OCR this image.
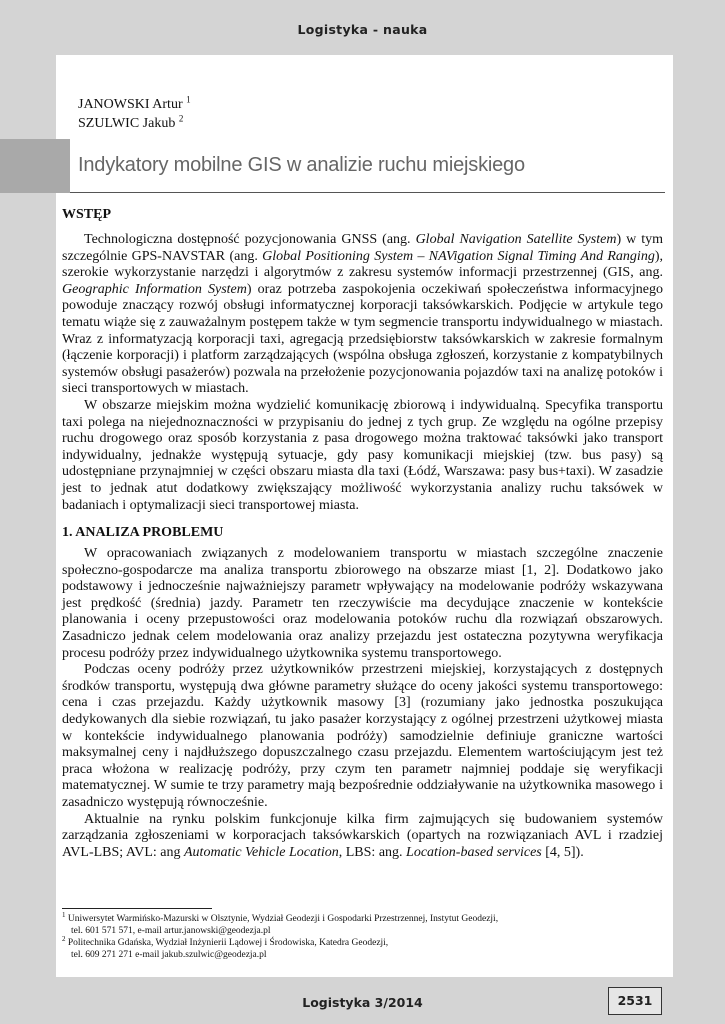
Logistyka - nauka
JANOWSKI Artur $^1$
SZULWIC Jakub $^2$
Indykatory mobilne GIS w analizie ruchu miejskiego
WSTĘP

Technologiczna dostępność pozycjonowania GNSS (ang. Global Navigation Satellite System) w tym szczególnie GPS-NAVSTAR (ang. Global Positioning System – NAVigation Signal Timing And Ranging), szerokie wykorzystanie narzędzi i algorytmów z zakresu systemów informacji przestrzennej (GIS, ang. Geographic Information System) oraz potrzeba zaspokojenia oczekiwań społeczeństwa informacyjnego powoduje znaczący rozwój obsługi informatycznej korporacji taksówkarskich. Podjęcie w artykule tego tematu wiąże się z zauważalnym postępem także w tym segmencie transportu indywidualnego w miastach. Wraz z informatyzacją korporacji taxi, agregacją przedsiębiorstw taksówkarskich w zakresie formalnym (łączenie korporacji) i platform zarządzających (wspólna obsługa zgłoszeń, korzystanie z kompatybilnych systemów obsługi pasażerów) pozwala na przełożenie pozycjonowania pojazdów taxi na analizę potoków i sieci transportowych w miastach.

W obszarze miejskim można wydzielić komunikację zbiorową i indywidualną. Specyfika transportu taxi polega na niejednoznaczności w przypisaniu do jednej z tych grup. Ze względu na ogólne przepisy ruchu drogowego oraz sposób korzystania z pasa drogowego można traktować taksówki jako transport indywidualny, jednakże występują sytuacje, gdy pasy komunikacji miejskiej (tzw. bus pasy) są udostępniane przynajmniej w części obszaru miasta dla taxi (Łódź, Warszawa: pasy bus+taxi). W zasadzie jest to jednak atut dodatkowy zwiększający możliwość wykorzystania analizy ruchu taksówek w badaniach i optymalizacji sieci transportowej miasta.

1. ANALIZA PROBLEMU

W opracowaniach związanych z modelowaniem transportu w miastach szczególne znaczenie społeczno-gospodarcze ma analiza transportu zbiorowego na obszarze miast [1, 2]. Dodatkowo jako podstawowy i jednocześnie najważniejszy parametr wpływający na modelowanie podróży wskazywana jest prędkość (średnia) jazdy. Parametr ten rzeczywiście ma decydujące znaczenie w kontekście planowania i oceny przepustowości oraz modelowania potoków ruchu dla rozwiązań obszarowych. Zasadniczo jednak celem modelowania oraz analizy przejazdu jest ostateczna pozytywna weryfikacja procesu podróży przez indywidualnego użytkownika systemu transportowego.

Podczas oceny podróży przez użytkowników przestrzeni miejskiej, korzystających z dostępnych środków transportu, występują dwa główne parametry służące do oceny jakości systemu transportowego: cena i czas przejazdu. Każdy użytkownik masowy [3] (rozumiany jako jednostka poszukująca dedykowanych dla siebie rozwiązań, tu jako pasażer korzystający z ogólnej przestrzeni użytkowej miasta w kontekście indywidualnego planowania podróży) samodzielnie definiuje graniczne wartości maksymalnej ceny i najdłuższego dopuszczalnego czasu przejazdu. Elementem wartościującym jest też praca włożona w realizację podróży, przy czym ten parametr najmniej poddaje się weryfikacji matematycznej. W sumie te trzy parametry mają bezpośrednie oddziaływanie na użytkownika masowego i zasadniczo występują równocześnie.

Aktualnie na rynku polskim funkcjonuje kilka firm zajmujących się budowaniem systemów zarządzania zgłoszeniami w korporacjach taksówkarskich (opartych na rozwiązaniach AVL i rzadziej AVL-LBS; AVL: ang Automatic Vehicle Location, LBS: ang. Location-based services [4, 5]).

$^1$ Uniwersytet Warmińsko-Mazurski w Olsztynie, Wydział Geodezji i Gospodarki Przestrzennej, Instytut Geodezji,
tel. 601 571 571, e-mail artur.janowski@geodezja.pl
$^2$ Politechnika Gdańska, Wydział Inżynierii Lądowej i Środowiska, Katedra Geodezji,
tel. 609 271 271 e-mail jakub.szulwic@geodezja.pl
Logistyka 3/2014	2531
